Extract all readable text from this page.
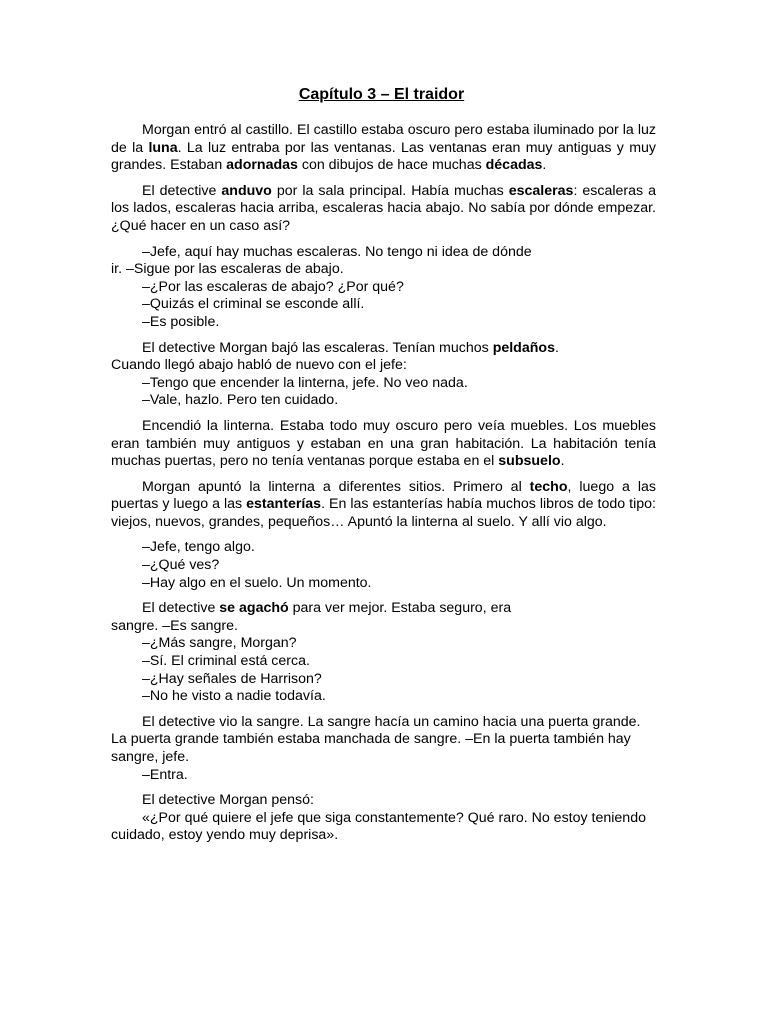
Capítulo 3 – El traidor

Morgan entró al castillo. El castillo estaba oscuro pero estaba iluminado por la luz de la luna. La luz entraba por las ventanas. Las ventanas eran muy antiguas y muy grandes. Estaban adornadas con dibujos de hace muchas décadas.

El detective anduvo por la sala principal. Había muchas escaleras: escaleras a los lados, escaleras hacia arriba, escaleras hacia abajo. No sabía por dónde empezar. ¿Qué hacer en un caso así?

–Jefe, aquí hay muchas escaleras. No tengo ni idea de dónde
ir. –Sigue por las escaleras de abajo.
–¿Por las escaleras de abajo? ¿Por qué?
–Quizás el criminal se esconde allí.
–Es posible.
El detective Morgan bajó las escaleras. Tenían muchos peldaños.
Cuando llegó abajo habló de nuevo con el jefe:
–Tengo que encender la linterna, jefe. No veo nada.
–Vale, hazlo. Pero ten cuidado.

Encendió la linterna. Estaba todo muy oscuro pero veía muebles. Los muebles eran también muy antiguos y estaban en una gran habitación. La habitación tenía muchas puertas, pero no tenía ventanas porque estaba en el subsuelo.

Morgan apuntó la linterna a diferentes sitios. Primero al techo, luego a las puertas y luego a las estanterías. En las estanterías había muchos libros de todo tipo: viejos, nuevos, grandes, pequeños… Apuntó la linterna al suelo. Y allí vio algo.

–Jefe, tengo algo.
–¿Qué ves?
–Hay algo en el suelo. Un momento.
El detective se agachó para ver mejor. Estaba seguro, era
sangre. –Es sangre.
–¿Más sangre, Morgan?
–Sí. El criminal está cerca.
–¿Hay señales de Harrison?
–No he visto a nadie todavía.
El detective vio la sangre. La sangre hacía un camino hacia una puerta grande. La puerta grande también estaba manchada de sangre. –En la puerta también hay sangre, jefe.
–Entra.
El detective Morgan pensó:
«¿Por qué quiere el jefe que siga constantemente? Qué raro. No estoy teniendo cuidado, estoy yendo muy deprisa».
